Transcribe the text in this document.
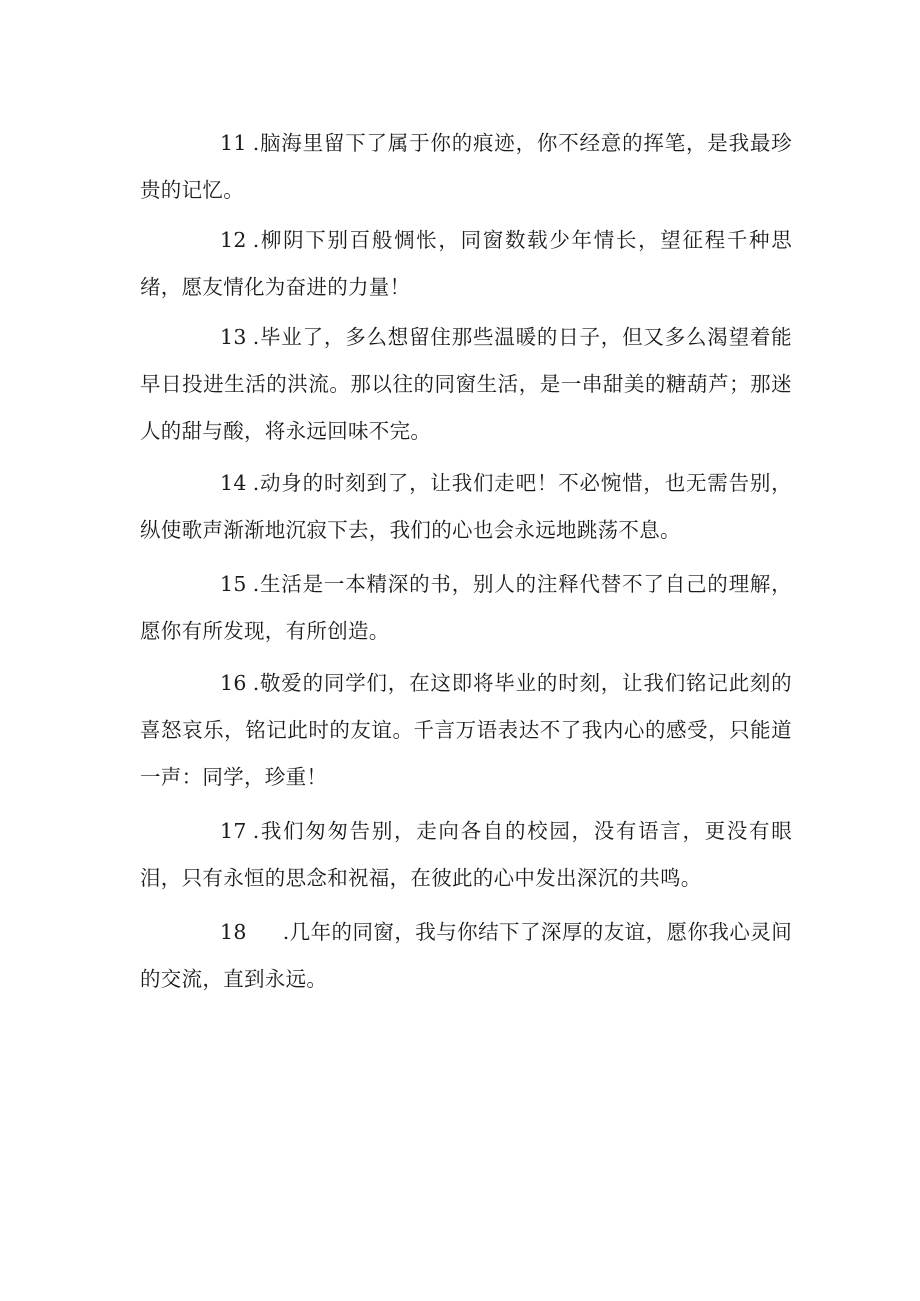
11 .脑海里留下了属于你的痕迹，你不经意的挥笔，是我最珍贵的记忆。

12 .柳阴下别百般惆怅，同窗数载少年情长，望征程千种思绪，愿友情化为奋进的力量！

13 .毕业了，多么想留住那些温暖的日子，但又多么渴望着能早日投进生活的洪流。那以往的同窗生活，是一串甜美的糖葫芦；那迷人的甜与酸，将永远回味不完。

14 .动身的时刻到了，让我们走吧！不必惋惜，也无需告别，纵使歌声渐渐地沉寂下去，我们的心也会永远地跳荡不息。

15 .生活是一本精深的书，别人的注释代替不了自己的理解，愿你有所发现，有所创造。

16 .敬爱的同学们，在这即将毕业的时刻，让我们铭记此刻的喜怒哀乐，铭记此时的友谊。千言万语表达不了我内心的感受，只能道一声：同学，珍重！

17 .我们匆匆告别，走向各自的校园，没有语言，更没有眼泪，只有永恒的思念和祝福，在彼此的心中发出深沉的共鸣。

18 .几年的同窗，我与你结下了深厚的友谊，愿你我心灵间的交流，直到永远。
